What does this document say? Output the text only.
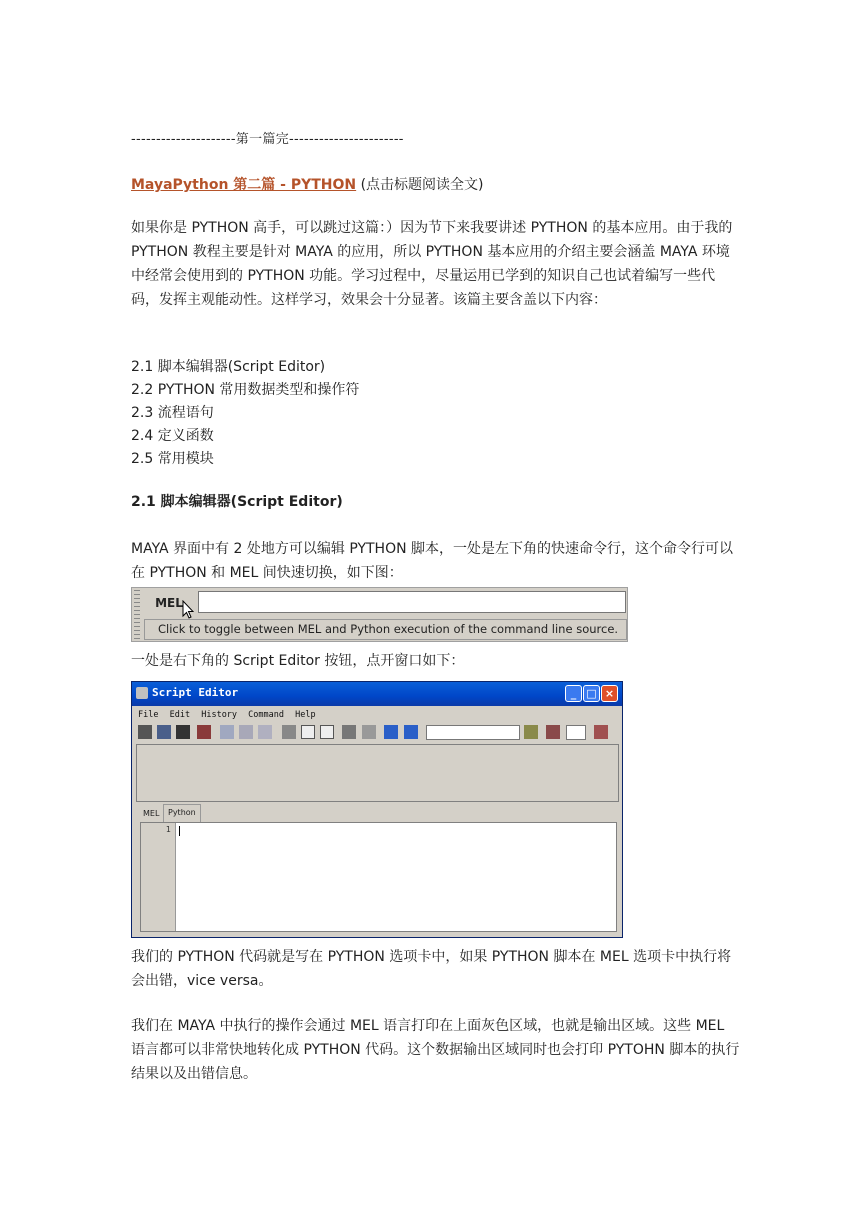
---------------------第一篇完-----------------------
MayaPython 第二篇 - PYTHON (点击标题阅读全文)

如果你是 PYTHON 高手，可以跳过这篇：）因为节下来我要讲述 PYTHON 的基本应用。由于我的 PYTHON 教程主要是针对 MAYA 的应用，所以 PYTHON 基本应用的介绍主要会涵盖 MAYA 环境中经常会使用到的 PYTHON 功能。学习过程中，尽量运用已学到的知识自己也试着编写一些代码，发挥主观能动性。这样学习，效果会十分显著。该篇主要含盖以下内容：

2.1 脚本编辑器(Script Editor)
2.2 PYTHON 常用数据类型和操作符
2.3 流程语句
2.4 定义函数
2.5 常用模块
2.1 脚本编辑器(Script Editor)

MAYA 界面中有 2 处地方可以编辑 PYTHON 脚本，一处是左下角的快速命令行，这个命令行可以在 PYTHON 和 MEL 间快速切换，如下图：

一处是右下角的 Script Editor 按钮，点开窗口如下：

我们的 PYTHON 代码就是写在 PYTHON 选项卡中，如果 PYTHON 脚本在 MEL 选项卡中执行将会出错，vice versa。

我们在 MAYA 中执行的操作会通过 MEL 语言打印在上面灰色区域，也就是输出区域。这些 MEL 语言都可以非常快地转化成 PYTHON 代码。这个数据输出区域同时也会打印 PYTOHN 脚本的执行结果以及出错信息。

MEL
Click to toggle between MEL and Python execution of the command line source.
Script Editor	_ □ ×
File Edit History Command Help
MEL	Python
1
